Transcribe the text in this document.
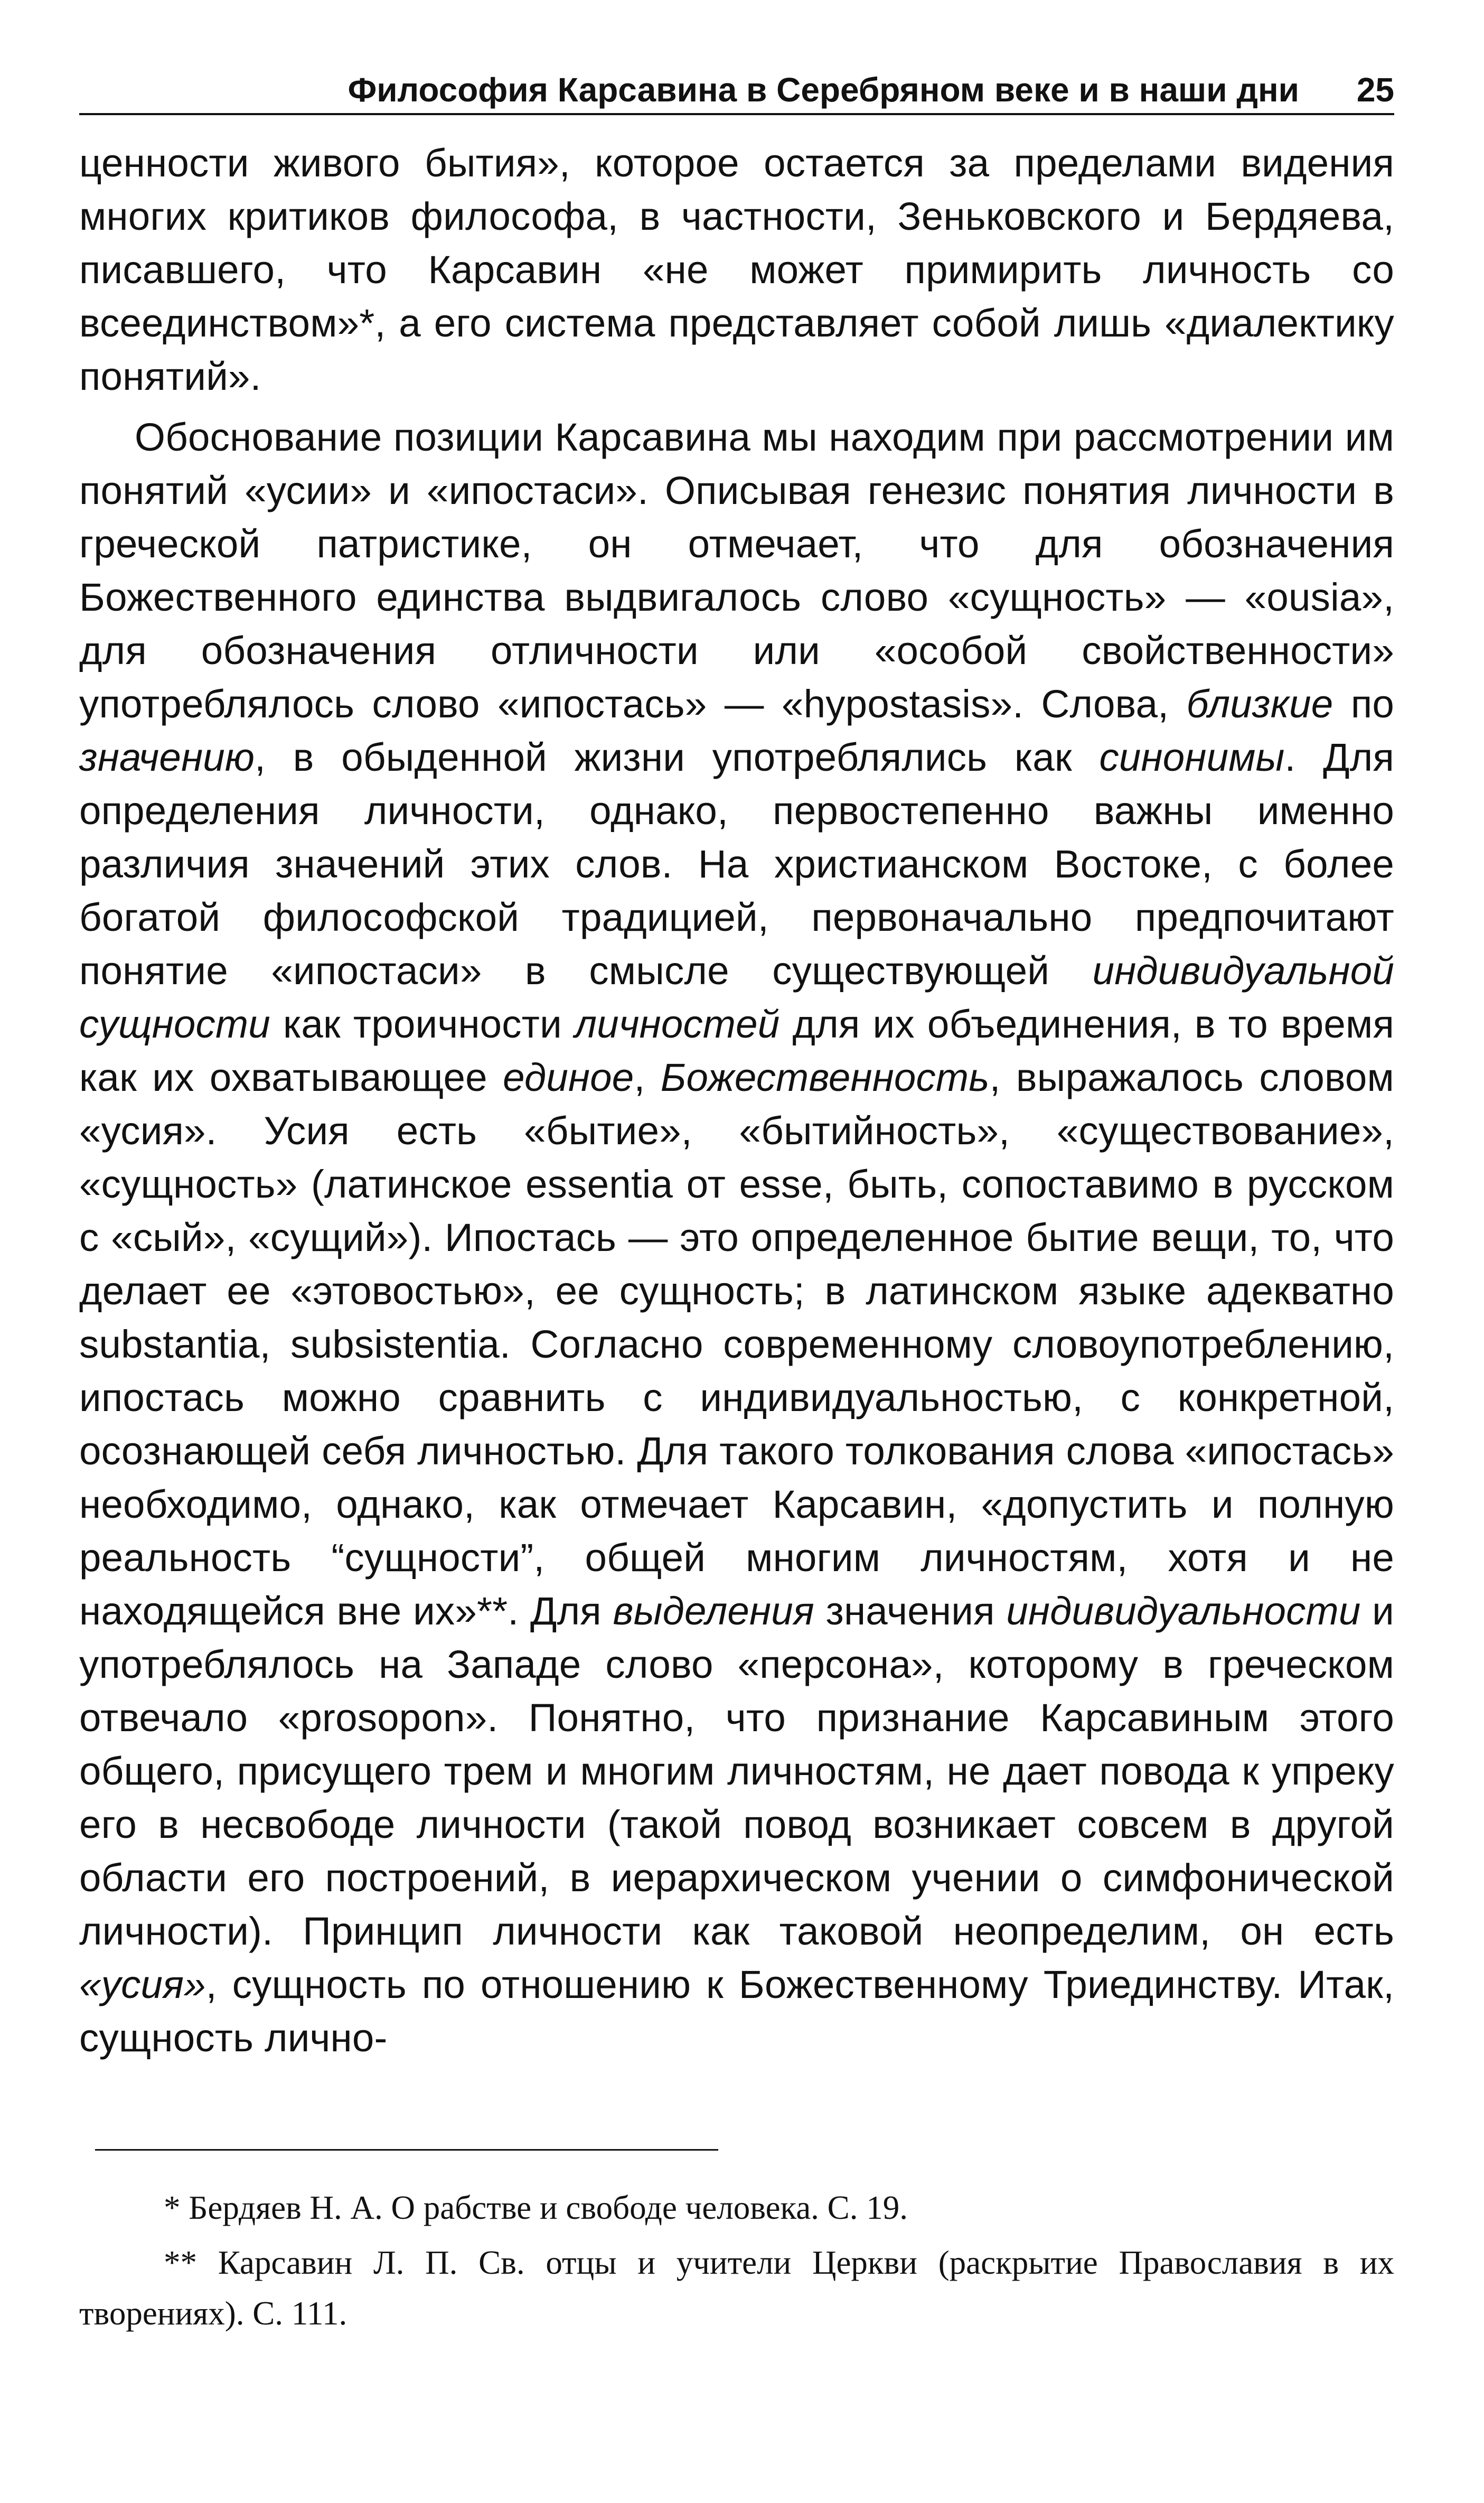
Философия Карсавина в Серебряном веке и в наши дни 25

ценности живого бытия», которое остается за пределами видения многих критиков философа, в частности, Зеньковского и Бердяева, писавшего, что Карсавин «не может примирить личность со всеединством»*, а его система представляет собой лишь «диалектику понятий».

Обоснование позиции Карсавина мы находим при рассмотрении им понятий «усии» и «ипостаси». Описывая генезис понятия личности в греческой патристике, он отмечает, что для обозначения Божественного единства выдвигалось слово «сущность» — «ousia», для обозначения отличности или «особой свойственности» употреблялось слово «ипостась» — «hypostasis». Слова, близкие по значению, в обыденной жизни употреблялись как синонимы. Для определения личности, однако, первостепенно важны именно различия значений этих слов. На христианском Востоке, с более богатой философской традицией, первоначально предпочитают понятие «ипостаси» в смысле существующей индивидуальной сущности как троичности личностей для их объединения, в то время как их охватывающее единое, Божественность, выражалось словом «усия». Усия есть «бытие», «бытийность», «существование», «сущность» (латинское essentia от esse, быть, сопоставимо в русском с «сый», «сущий»). Ипостась — это определенное бытие вещи, то, что делает ее «этовостью», ее сущность; в латинском языке адекватно substantia, subsistentia. Согласно современному словоупотреблению, ипостась можно сравнить с индивидуальностью, с конкретной, осознающей себя личностью. Для такого толкования слова «ипостась» необходимо, однако, как отмечает Карсавин, «допустить и полную реальность “сущности”, общей многим личностям, хотя и не находящейся вне их»**. Для выделения значения индивидуальности и употреблялось на Западе слово «персона», которому в греческом отвечало «prosopon». Понятно, что признание Карсавиным этого общего, присущего трем и многим личностям, не дает повода к упреку его в несвободе личности (такой повод возникает совсем в другой области его построений, в иерархическом учении о симфонической личности). Принцип личности как таковой неопределим, он есть «усия», сущность по отношению к Божественному Триединству. Итак, сущность лично-

* Бердяев Н. А. О рабстве и свободе человека. С. 19.

** Карсавин Л. П. Св. отцы и учители Церкви (раскрытие Православия в их творениях). С. 111.
